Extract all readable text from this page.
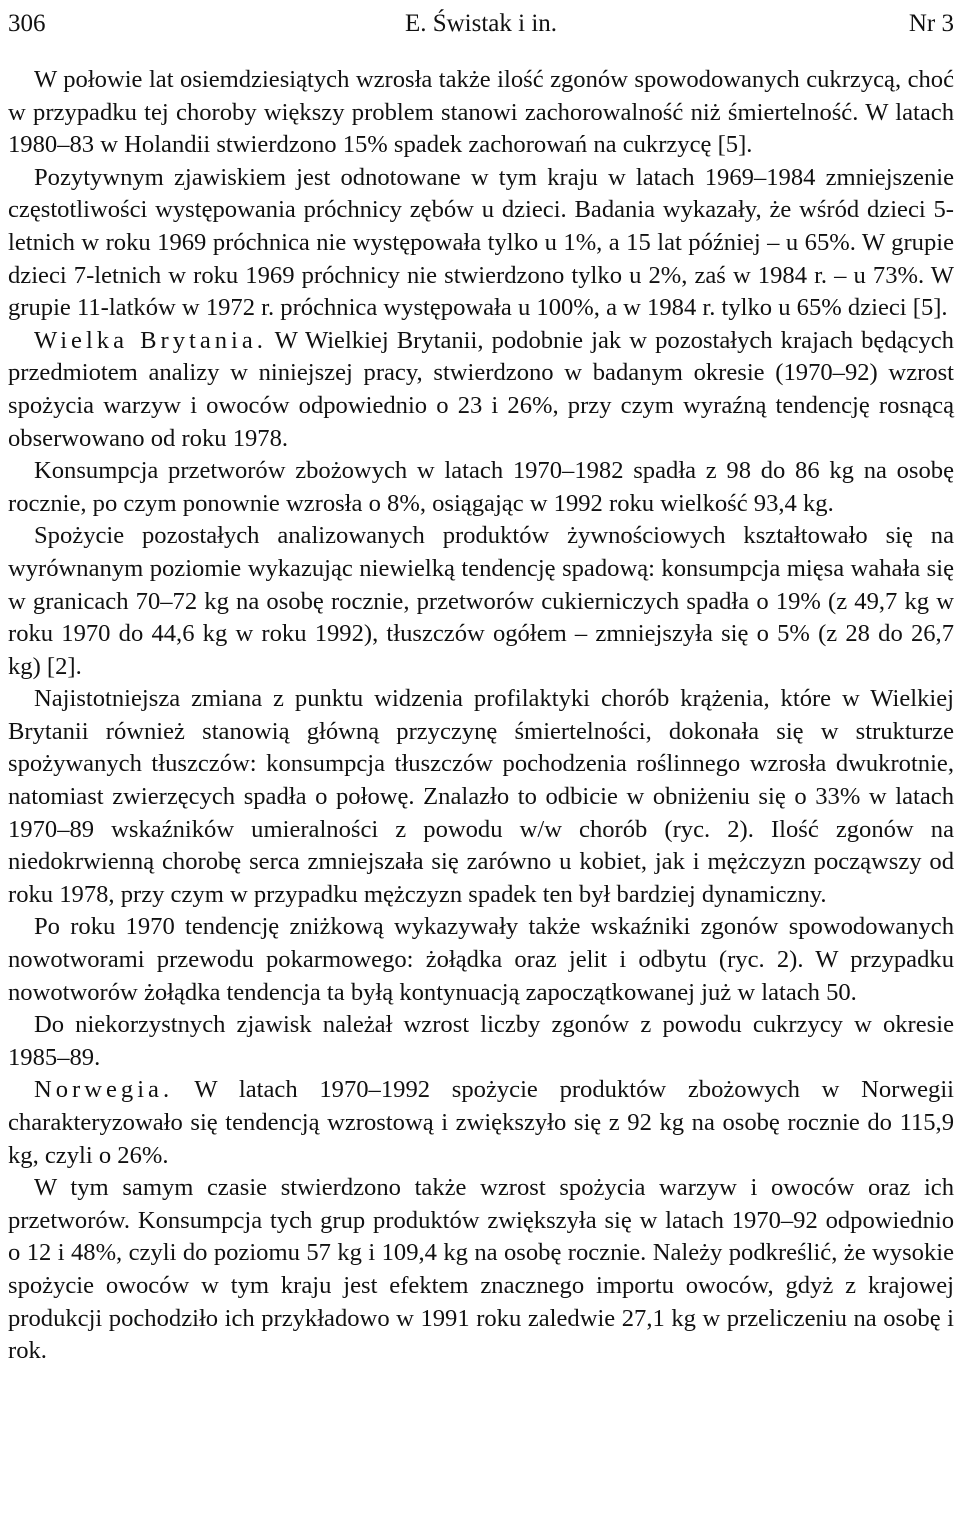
306	E. Świstak i in.	Nr 3

W połowie lat osiemdziesiątych wzrosła także ilość zgonów spowodowanych cukrzycą, choć w przypadku tej choroby większy problem stanowi zachorowalność niż śmiertelność. W latach 1980–83 w Holandii stwierdzono 15% spadek zachorowań na cukrzycę [5].

Pozytywnym zjawiskiem jest odnotowane w tym kraju w latach 1969–1984 zmniejszenie częstotliwości występowania próchnicy zębów u dzieci. Badania wykazały, że wśród dzieci 5-letnich w roku 1969 próchnica nie występowała tylko u 1%, a 15 lat później – u 65%. W grupie dzieci 7-letnich w roku 1969 próchnicy nie stwierdzono tylko u 2%, zaś w 1984 r. – u 73%. W grupie 11-latków w 1972 r. próchnica występowała u 100%, a w 1984 r. tylko u 65% dzieci [5].

Wielka Brytania. W Wielkiej Brytanii, podobnie jak w pozostałych krajach będących przedmiotem analizy w niniejszej pracy, stwierdzono w badanym okresie (1970–92) wzrost spożycia warzyw i owoców odpowiednio o 23 i 26%, przy czym wyraźną tendencję rosnącą obserwowano od roku 1978.

Konsumpcja przetworów zbożowych w latach 1970–1982 spadła z 98 do 86 kg na osobę rocznie, po czym ponownie wzrosła o 8%, osiągając w 1992 roku wielkość 93,4 kg.

Spożycie pozostałych analizowanych produktów żywnościowych kształtowało się na wyrównanym poziomie wykazując niewielką tendencję spadową: konsumpcja mięsa wahała się w granicach 70–72 kg na osobę rocznie, przetworów cukierniczych spadła o 19% (z 49,7 kg w roku 1970 do 44,6 kg w roku 1992), tłuszczów ogółem – zmniejszyła się o 5% (z 28 do 26,7 kg) [2].

Najistotniejsza zmiana z punktu widzenia profilaktyki chorób krążenia, które w Wielkiej Brytanii również stanowią główną przyczynę śmiertelności, dokonała się w strukturze spożywanych tłuszczów: konsumpcja tłuszczów pochodzenia roślinnego wzrosła dwukrotnie, natomiast zwierzęcych spadła o połowę. Znalazło to odbicie w obniżeniu się o 33% w latach 1970–89 wskaźników umieralności z powodu w/w chorób (ryc. 2). Ilość zgonów na niedokrwienną chorobę serca zmniejszała się zarówno u kobiet, jak i mężczyzn począwszy od roku 1978, przy czym w przypadku mężczyzn spadek ten był bardziej dynamiczny.

Po roku 1970 tendencję zniżkową wykazywały także wskaźniki zgonów spowodowanych nowotworami przewodu pokarmowego: żołądka oraz jelit i odbytu (ryc. 2). W przypadku nowotworów żołądka tendencja ta byłą kontynuacją zapoczątkowanej już w latach 50.

Do niekorzystnych zjawisk należał wzrost liczby zgonów z powodu cukrzycy w okresie 1985–89.

Norwegia. W latach 1970–1992 spożycie produktów zbożowych w Norwegii charakteryzowało się tendencją wzrostową i zwiększyło się z 92 kg na osobę rocznie do 115,9 kg, czyli o 26%.

W tym samym czasie stwierdzono także wzrost spożycia warzyw i owoców oraz ich przetworów. Konsumpcja tych grup produktów zwiększyła się w latach 1970–92 odpowiednio o 12 i 48%, czyli do poziomu 57 kg i 109,4 kg na osobę rocznie. Należy podkreślić, że wysokie spożycie owoców w tym kraju jest efektem znacznego importu owoców, gdyż z krajowej produkcji pochodziło ich przykładowo w 1991 roku zaledwie 27,1 kg w przeliczeniu na osobę i rok.
